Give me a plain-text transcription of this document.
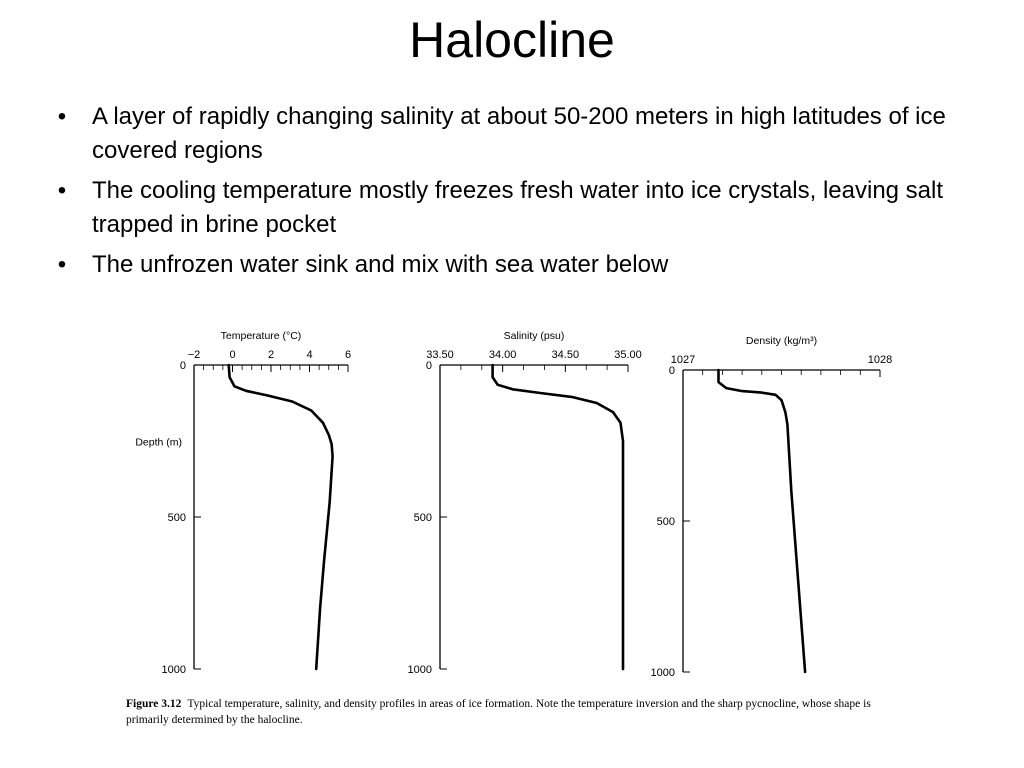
Halocline
• A layer of rapidly changing salinity at about 50-200 meters in high latitudes of ice covered regions
• The cooling temperature mostly freezes fresh water into ice crystals, leaving salt trapped in brine pocket
• The unfrozen water sink and mix with sea water below
−2	0	2	4	6
0
500
1000
Temperature (°C)
Depth (m)
33.50	34.00	34.50	35.00
0
500
1000
Salinity (psu)
1027	1028
0
500
1000
Density (kg/m³)
Figure 3.12 Typical temperature, salinity, and density profiles in areas of ice formation. Note the temperature inversion and the sharp pycnocline, whose shape is primarily determined by the halocline.
